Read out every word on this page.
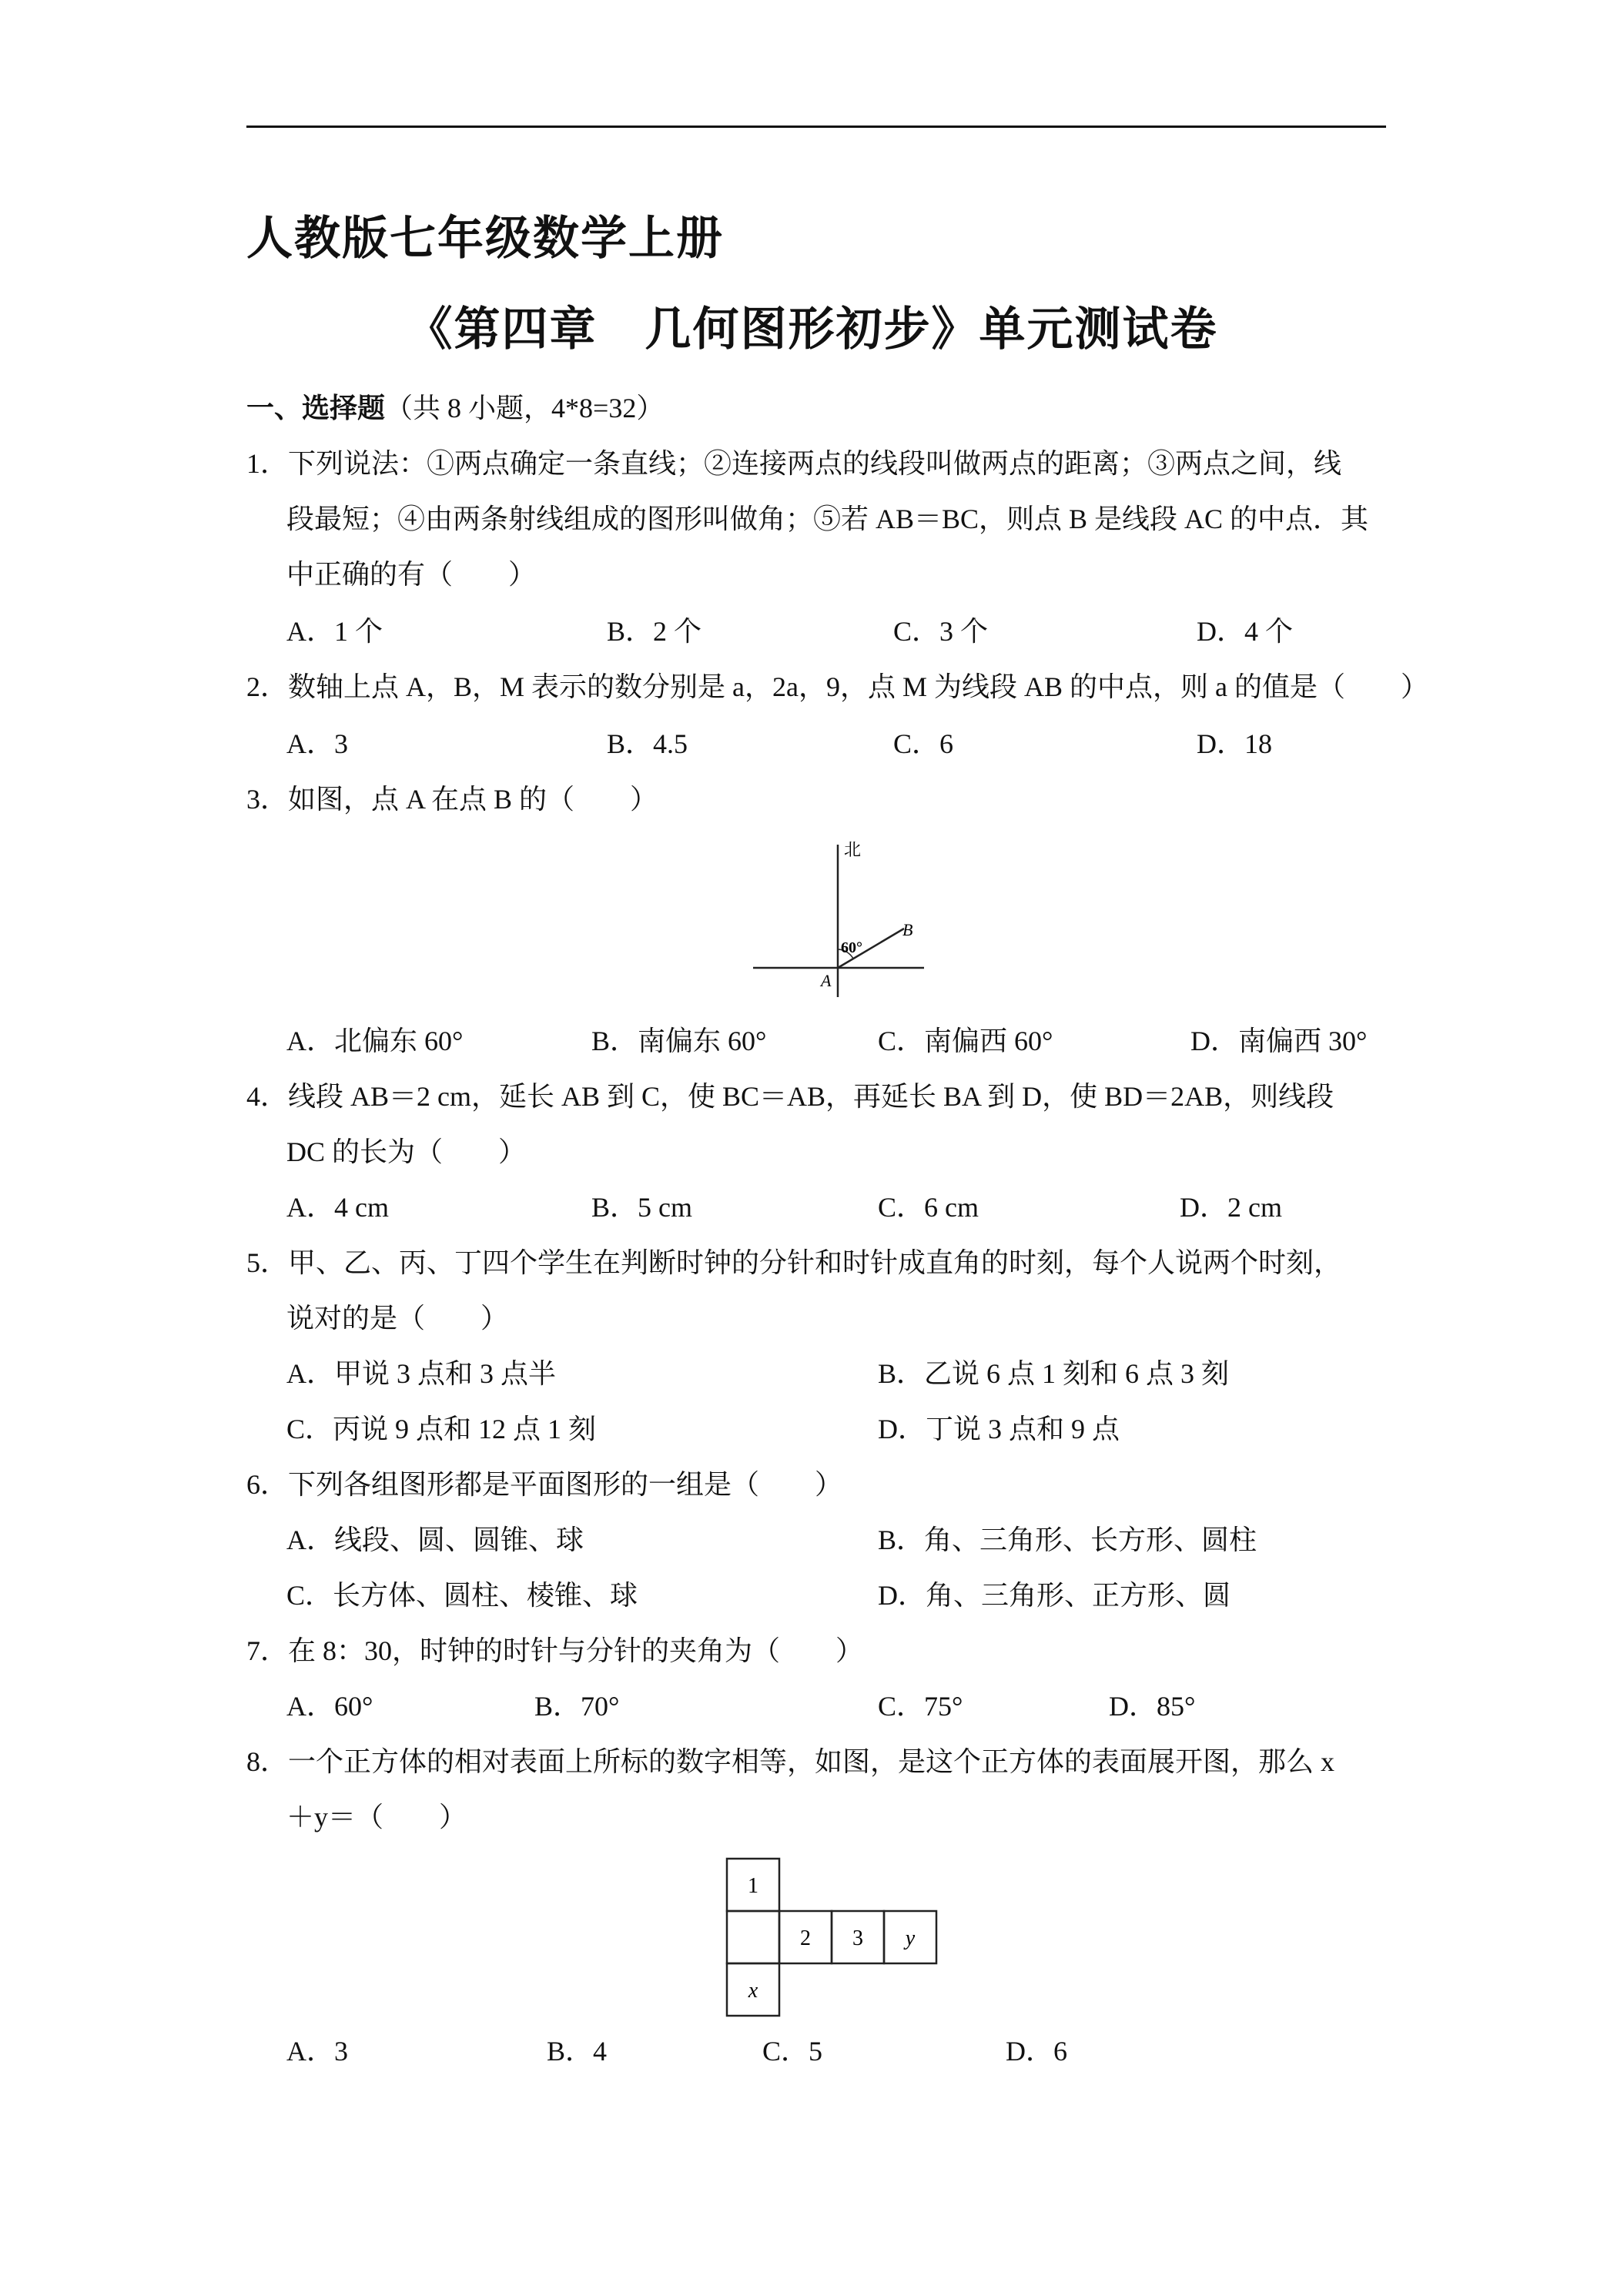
人教版七年级数学上册
《第四章　几何图形初步》单元测试卷
一、选择题（共 8 小题，4*8=32）
1．下列说法：①两点确定一条直线；②连接两点的线段叫做两点的距离；③两点之间，线
段最短；④由两条射线组成的图形叫做角；⑤若 AB＝BC，则点 B 是线段 AC 的中点．其
中正确的有（　　）
A．1 个	B．2 个	C．3 个	D．4 个
2．数轴上点 A，B，M 表示的数分别是 a，2a，9，点 M 为线段 AB 的中点，则 a 的值是（　　）
A．3	B．4.5	C．6	D．18
3．如图，点 A 在点 B 的（　　）
北
60°
B
A
A．北偏东 60°	B．南偏东 60°	C．南偏西 60°	D．南偏西 30°
4．线段 AB＝2 cm，延长 AB 到 C，使 BC＝AB，再延长 BA 到 D，使 BD＝2AB，则线段
DC 的长为（　　）
A．4 cm	B．5 cm	C．6 cm	D．2 cm
5．甲、乙、丙、丁四个学生在判断时钟的分针和时针成直角的时刻，每个人说两个时刻，
说对的是（　　）
A．甲说 3 点和 3 点半	B．乙说 6 点 1 刻和 6 点 3 刻
C．丙说 9 点和 12 点 1 刻	D．丁说 3 点和 9 点
6．下列各组图形都是平面图形的一组是（　　）
A．线段、圆、圆锥、球	B．角、三角形、长方形、圆柱
C．长方体、圆柱、棱锥、球	D．角、三角形、正方形、圆
7．在 8：30，时钟的时针与分针的夹角为（　　）
A．60°	B．70°	C．75°	D．85°
8．一个正方体的相对表面上所标的数字相等，如图，是这个正方体的表面展开图，那么 x
＋y＝（　　）
1
2 3 y
x
A．3	B．4	C．5	D．6
